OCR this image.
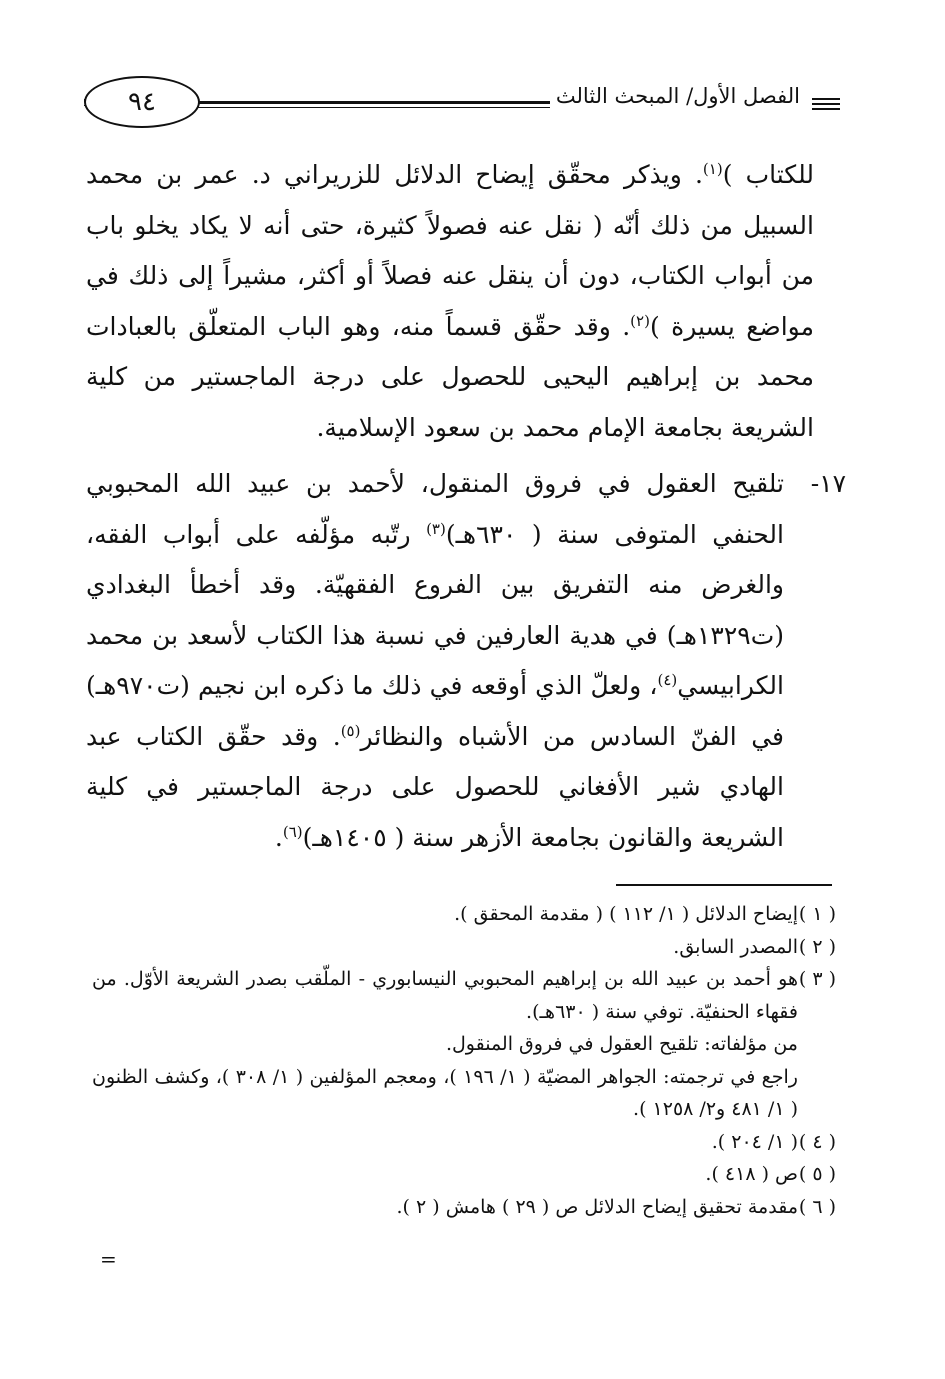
٩٤	الفصل الأول/ المبحث الثالث

للكتاب )$^{(١)}$. ويذكر محقّق إيضاح الدلائل للزريراني د. عمر بن محمد السبيل من ذلك أنّه ( نقل عنه فصولاً كثيرة، حتى أنه لا يكاد يخلو باب من أبواب الكتاب، دون أن ينقل عنه فصلاً أو أكثر، مشيراً إلى ذلك في مواضع يسيرة )$^{(٢)}$. وقد حقّق قسماً منه، وهو الباب المتعلّق بالعبادات محمد بن إبراهيم اليحيى للحصول على درجة الماجستير من كلية الشريعة بجامعة الإمام محمد بن سعود الإسلامية.

١٧-
تلقيح العقول في فروق المنقول، لأحمد بن عبيد الله المحبوبي الحنفي المتوفى سنة ( ٦٣٠هـ)$^{(٣)}$ رتّبه مؤلّفه على أبواب الفقه، والغرض منه التفريق بين الفروع الفقهيّة. وقد أخطأ البغدادي (ت١٣٢٩هـ) في هدية العارفين في نسبة هذا الكتاب لأسعد بن محمد الكرابيسي$^{(٤)}$، ولعلّ الذي أوقعه في ذلك ما ذكره ابن نجيم (ت٩٧٠هـ) في الفنّ السادس من الأشباه والنظائر$^{(٥)}$. وقد حقّق الكتاب عبد الهادي شير الأفغاني للحصول على درجة الماجستير في كلية الشريعة والقانون بجامعة الأزهر سنة ( ١٤٠٥هـ)$^{(٦)}$.

( ١ )
إيضاح الدلائل ( ١/ ١١٢ ) ( مقدمة المحقق ).
( ٢ )
المصدر السابق.
( ٣ )
هو أحمد بن عبيد الله بن إبراهيم المحبوبي النيسابوري - الملّقب بصدر الشريعة الأوّل. من فقهاء الحنفيّة. توفي سنة ( ٦٣٠هـ).
من مؤلفاته: تلقيح العقول في فروق المنقول.
راجع في ترجمته: الجواهر المضيّة ( ١/ ١٩٦ )، ومعجم المؤلفين ( ١/ ٣٠٨ )، وكشف الظنون ( ١/ ٤٨١ و٢/ ١٢٥٨ ).
( ٤ )
( ١/ ٢٠٤ ).
( ٥ )
ص ( ٤١٨ ).
( ٦ )
مقدمة تحقيق إيضاح الدلائل ص ( ٢٩ ) هامش ( ٢ ).
=
